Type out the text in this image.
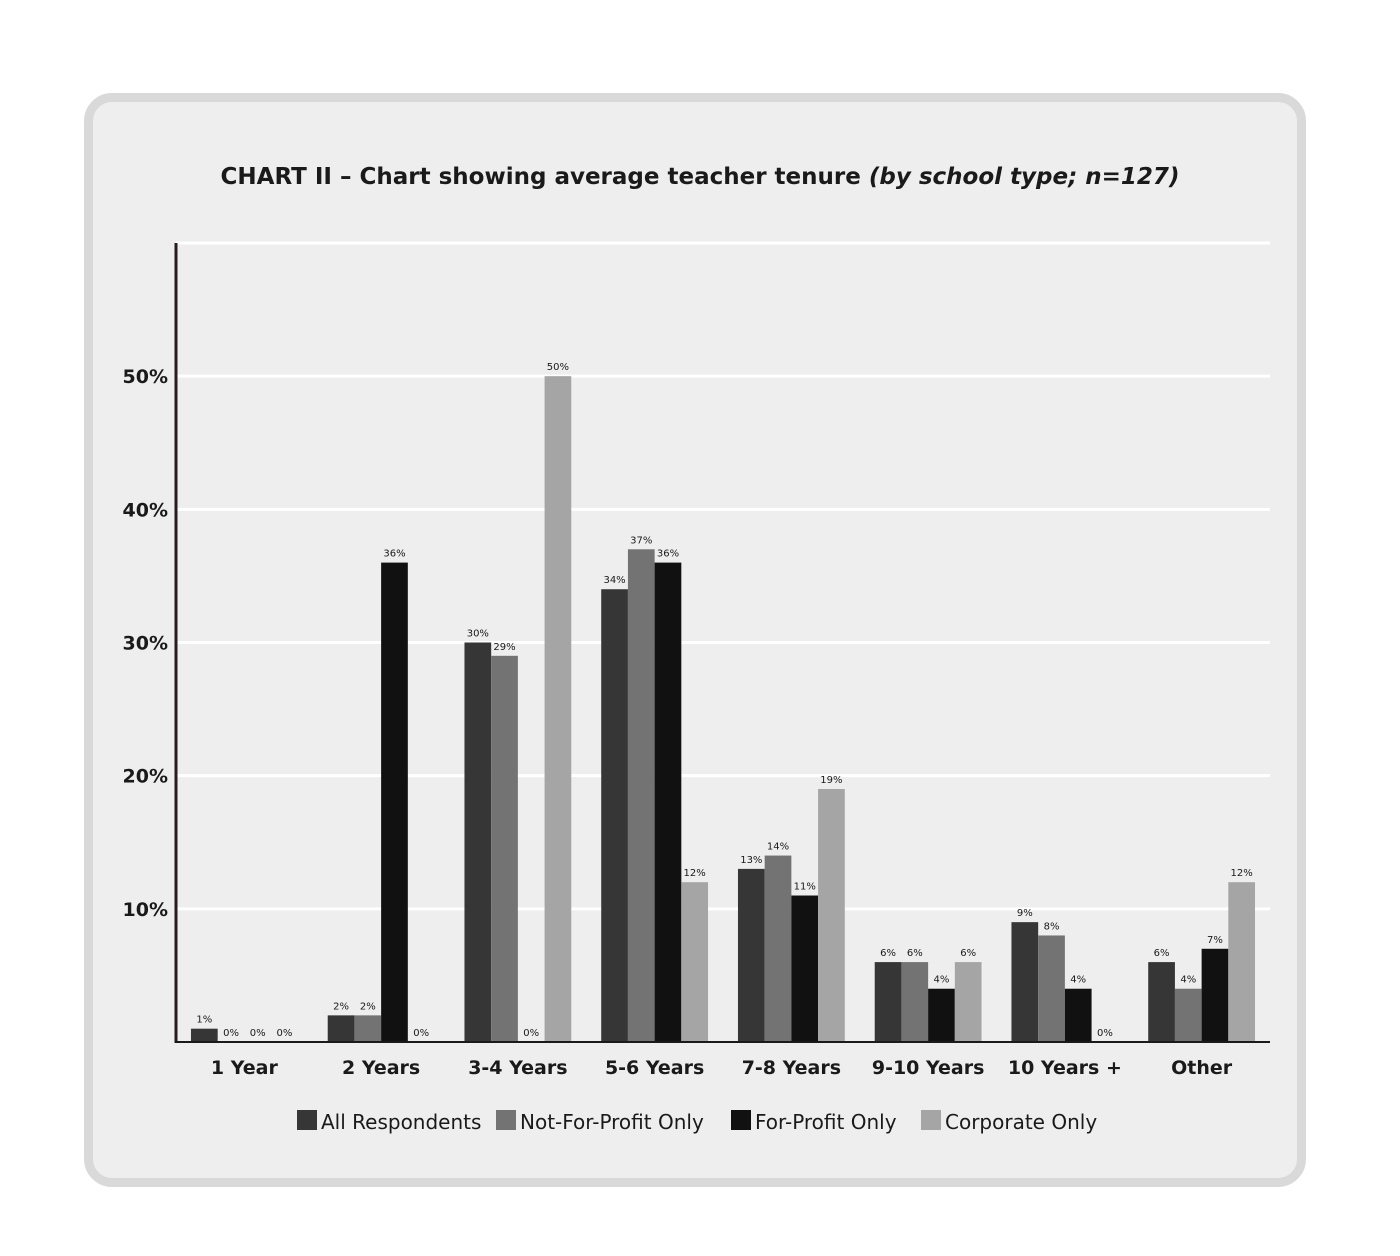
CHART II – Chart showing average teacher tenure (by school type; n=127)
10%
20%
30%
40%
50%
1%
0% 0% 0%
2% 2%
36%
0%
30%
29%
0%
50%
34%
37%
36%
12%
13%
14%
11%
19%
6% 6%
4%
6%
9%
8%
4%
0%
6%
4%
7%
12%
1 Year	2 Years	3-4 Years 5-6 Years 7-8 Years 9-10 Years 10 Years +	Other
All Respondents Not-For-Profit Only	For-Profit Only Corporate Only
